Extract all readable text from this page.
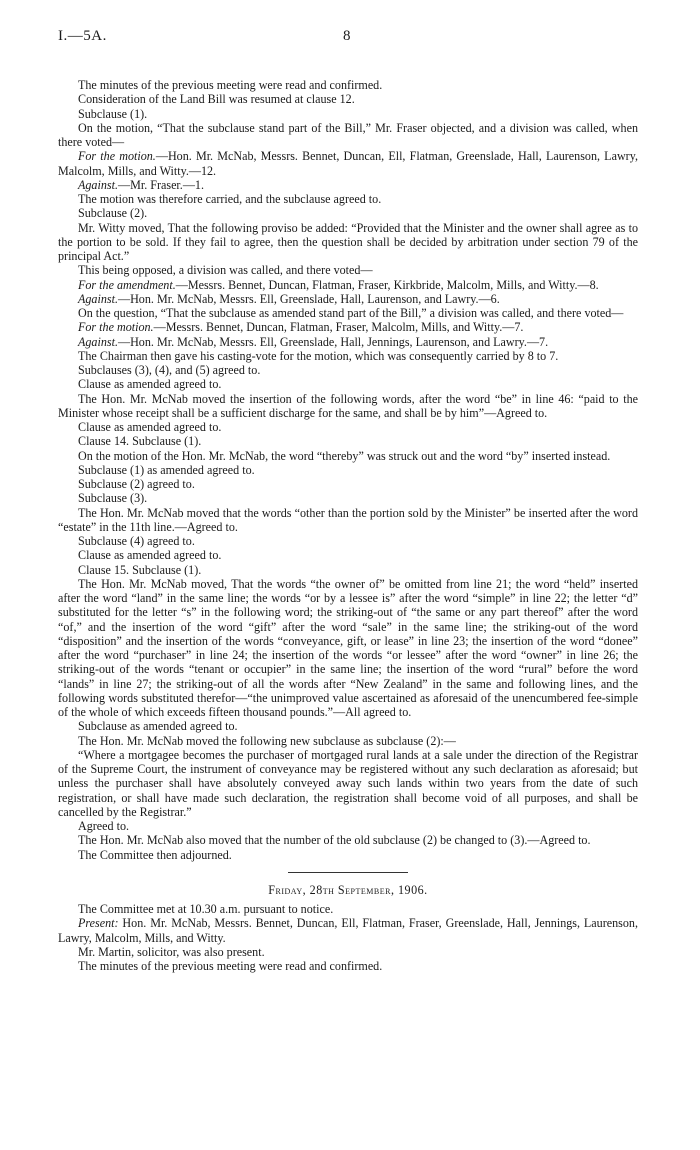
I.—5A.	8

The minutes of the previous meeting were read and confirmed.

Consideration of the Land Bill was resumed at clause 12.

Subclause (1).

On the motion, “That the subclause stand part of the Bill,” Mr. Fraser objected, and a division was called, when there voted—

For the motion.—Hon. Mr. McNab, Messrs. Bennet, Duncan, Ell, Flatman, Greenslade, Hall, Laurenson, Lawry, Malcolm, Mills, and Witty.—12.

Against.—Mr. Fraser.—1.

The motion was therefore carried, and the subclause agreed to.

Subclause (2).

Mr. Witty moved, That the following proviso be added: “Provided that the Minister and the owner shall agree as to the portion to be sold. If they fail to agree, then the question shall be decided by arbitration under section 79 of the principal Act.”

This being opposed, a division was called, and there voted—

For the amendment.—Messrs. Bennet, Duncan, Flatman, Fraser, Kirkbride, Malcolm, Mills, and Witty.—8.

Against.—Hon. Mr. McNab, Messrs. Ell, Greenslade, Hall, Laurenson, and Lawry.—6.

On the question, “That the subclause as amended stand part of the Bill,” a division was called, and there voted—

For the motion.—Messrs. Bennet, Duncan, Flatman, Fraser, Malcolm, Mills, and Witty.—7.

Against.—Hon. Mr. McNab, Messrs. Ell, Greenslade, Hall, Jennings, Laurenson, and Lawry.—7.

The Chairman then gave his casting-vote for the motion, which was consequently carried by 8 to 7.

Subclauses (3), (4), and (5) agreed to.

Clause as amended agreed to.

The Hon. Mr. McNab moved the insertion of the following words, after the word “be” in line 46: “paid to the Minister whose receipt shall be a sufficient discharge for the same, and shall be by him”—Agreed to.

Clause as amended agreed to.

Clause 14. Subclause (1).

On the motion of the Hon. Mr. McNab, the word “thereby” was struck out and the word “by” inserted instead.

Subclause (1) as amended agreed to.

Subclause (2) agreed to.

Subclause (3).

The Hon. Mr. McNab moved that the words “other than the portion sold by the Minister” be inserted after the word “estate” in the 11th line.—Agreed to.

Subclause (4) agreed to.

Clause as amended agreed to.

Clause 15. Subclause (1).

The Hon. Mr. McNab moved, That the words “the owner of” be omitted from line 21; the word “held” inserted after the word “land” in the same line; the words “or by a lessee is” after the word “simple” in line 22; the letter “d” substituted for the letter “s” in the following word; the striking-out of “the same or any part thereof” after the word “of,” and the insertion of the word “gift” after the word “sale” in the same line; the striking-out of the word “disposition” and the insertion of the words “conveyance, gift, or lease” in line 23; the insertion of the word “donee” after the word “purchaser” in line 24; the insertion of the words “or lessee” after the word “owner” in line 26; the striking-out of the words “tenant or occupier” in the same line; the insertion of the word “rural” before the word “lands” in line 27; the striking-out of all the words after “New Zealand” in the same and following lines, and the following words substituted therefor—“the unimproved value ascertained as aforesaid of the unencumbered fee-simple of the whole of which exceeds fifteen thousand pounds.”—All agreed to.

Subclause as amended agreed to.

The Hon. Mr. McNab moved the following new subclause as subclause (2):—

“Where a mortgagee becomes the purchaser of mortgaged rural lands at a sale under the direction of the Registrar of the Supreme Court, the instrument of conveyance may be registered without any such declaration as aforesaid; but unless the purchaser shall have absolutely conveyed away such lands within two years from the date of such registration, or shall have made such declaration, the registration shall become void of all purposes, and shall be cancelled by the Registrar.”

Agreed to.

The Hon. Mr. McNab also moved that the number of the old subclause (2) be changed to (3).—Agreed to.

The Committee then adjourned.

Friday, 28th September, 1906.

The Committee met at 10.30 a.m. pursuant to notice.

Present: Hon. Mr. McNab, Messrs. Bennet, Duncan, Ell, Flatman, Fraser, Greenslade, Hall, Jennings, Laurenson, Lawry, Malcolm, Mills, and Witty.

Mr. Martin, solicitor, was also present.

The minutes of the previous meeting were read and confirmed.
